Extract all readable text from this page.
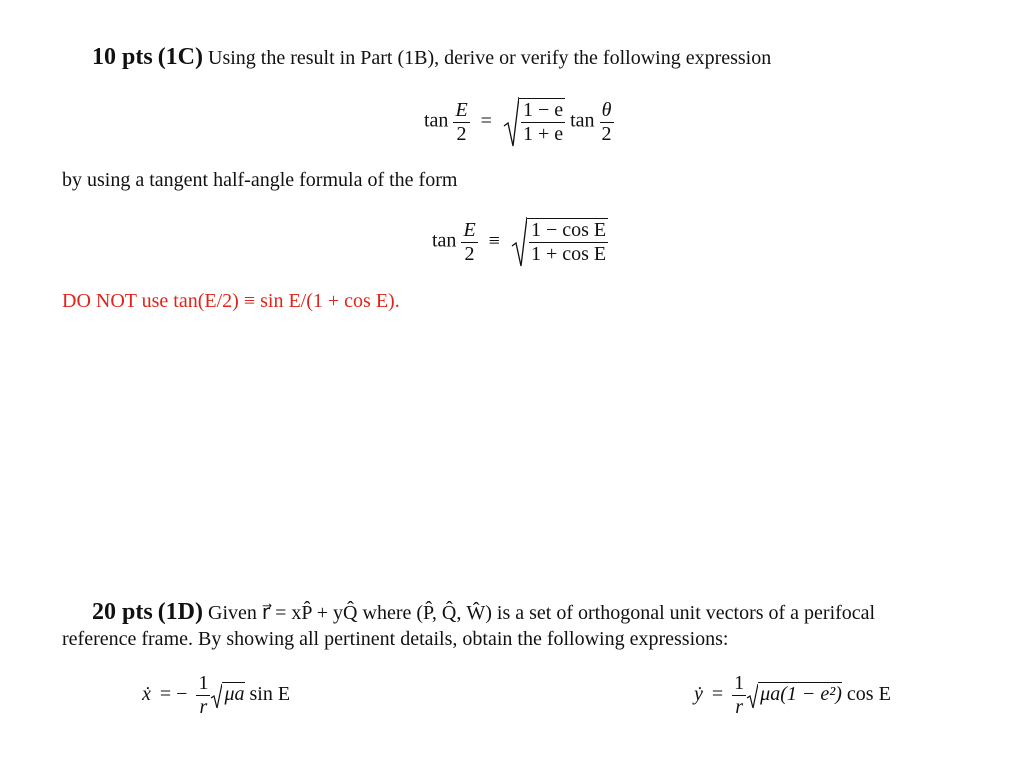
10 pts (1C) Using the result in Part (1B), derive or verify the following expression
$\tan \frac{E}{2} = \frac{1 - e}{1 + e}$ $\tan \frac{\theta}{2}$
by using a tangent half-angle formula of the form
$\tan \frac{E}{2} \equiv \frac{\text{1 − cos E}}{\text{1 + cos E}}$
DO NOT use tan(E/2) ≡ sin E/(1 + cos E).
20 pts (1D) Given r⃗ = xP̂ + yQ̂ where (P̂, Q̂, Ŵ) is a set of orthogonal unit vectors of a perifocal
reference frame. By showing all pertinent details, obtain the following expressions:
ẋ = − $\frac{1}{r}$ μa sin E	ẏ = $\frac{1}{r} \mu a(1 - e^2)$ cos E
